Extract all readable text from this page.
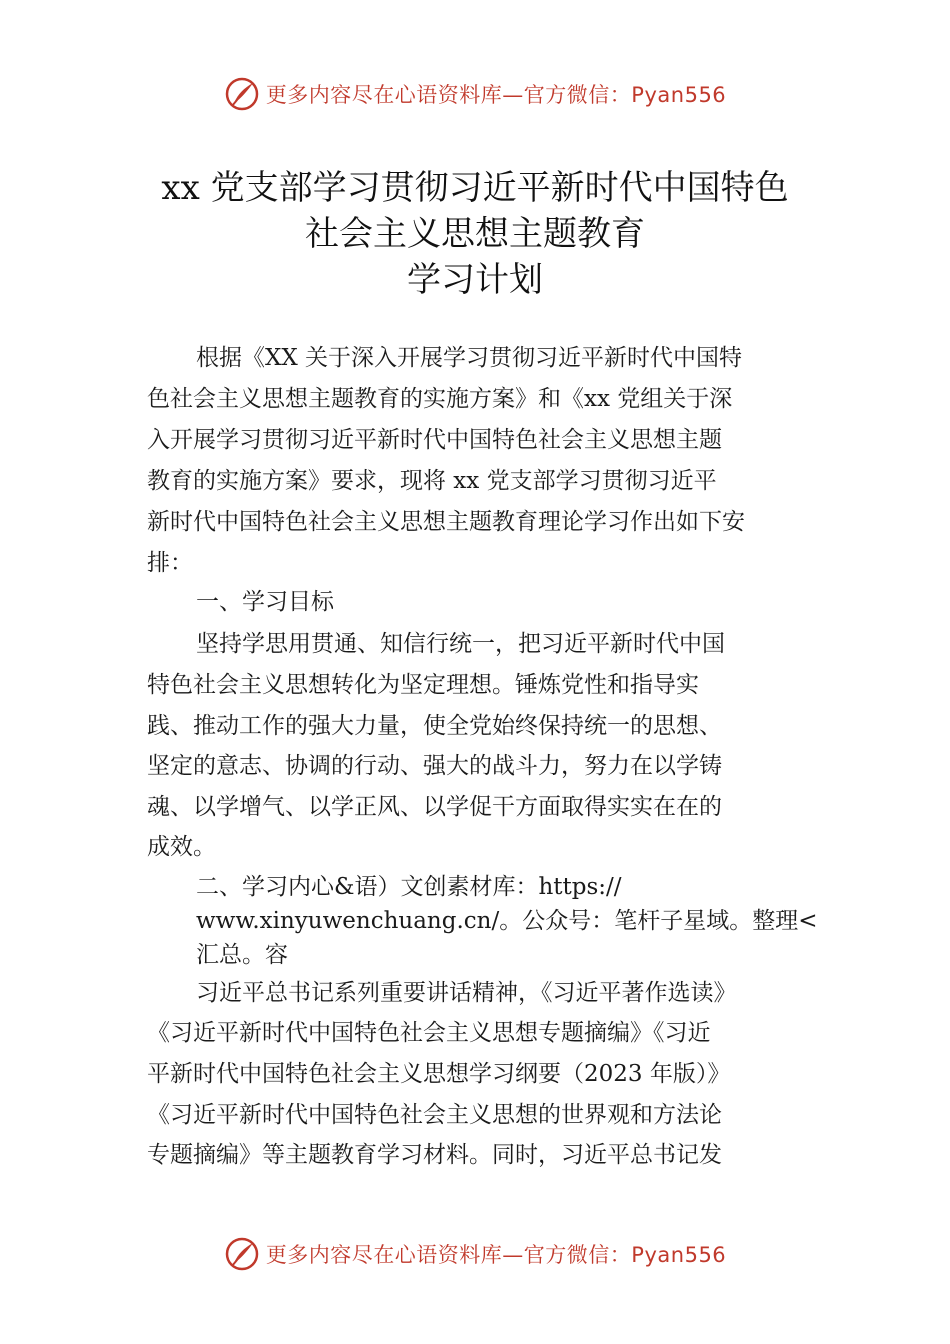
更多内容尽在心语资料库—官方微信：Pyan556
xx 党支部学习贯彻习近平新时代中国特色
社会主义思想主题教育
学习计划
根据《XX 关于深入开展学习贯彻习近平新时代中国特
色社会主义思想主题教育的实施方案》和《xx 党组关于深
入开展学习贯彻习近平新时代中国特色社会主义思想主题
教育的实施方案》要求，现将 xx 党支部学习贯彻习近平
新时代中国特色社会主义思想主题教育理论学习作出如下安
排：
一、学习目标
坚持学思用贯通、知信行统一，把习近平新时代中国
特色社会主义思想转化为坚定理想。锤炼党性和指导实
践、推动工作的强大力量，使全党始终保持统一的思想、
坚定的意志、协调的行动、强大的战斗力，努力在以学铸
魂、以学增气、以学正风、以学促干方面取得实实在在的
成效。
二、学习内心&语）文创素材库：https://
www.xinyuwenchuang.cn/。公众号：笔杆子星域。整理<
汇总。容
习近平总书记系列重要讲话精神，《习近平著作选读》
《习近平新时代中国特色社会主义思想专题摘编》《习近
平新时代中国特色社会主义思想学习纲要（2023 年版）》
《习近平新时代中国特色社会主义思想的世界观和方法论
专题摘编》等主题教育学习材料。同时，习近平总书记发
更多内容尽在心语资料库—官方微信：Pyan556
